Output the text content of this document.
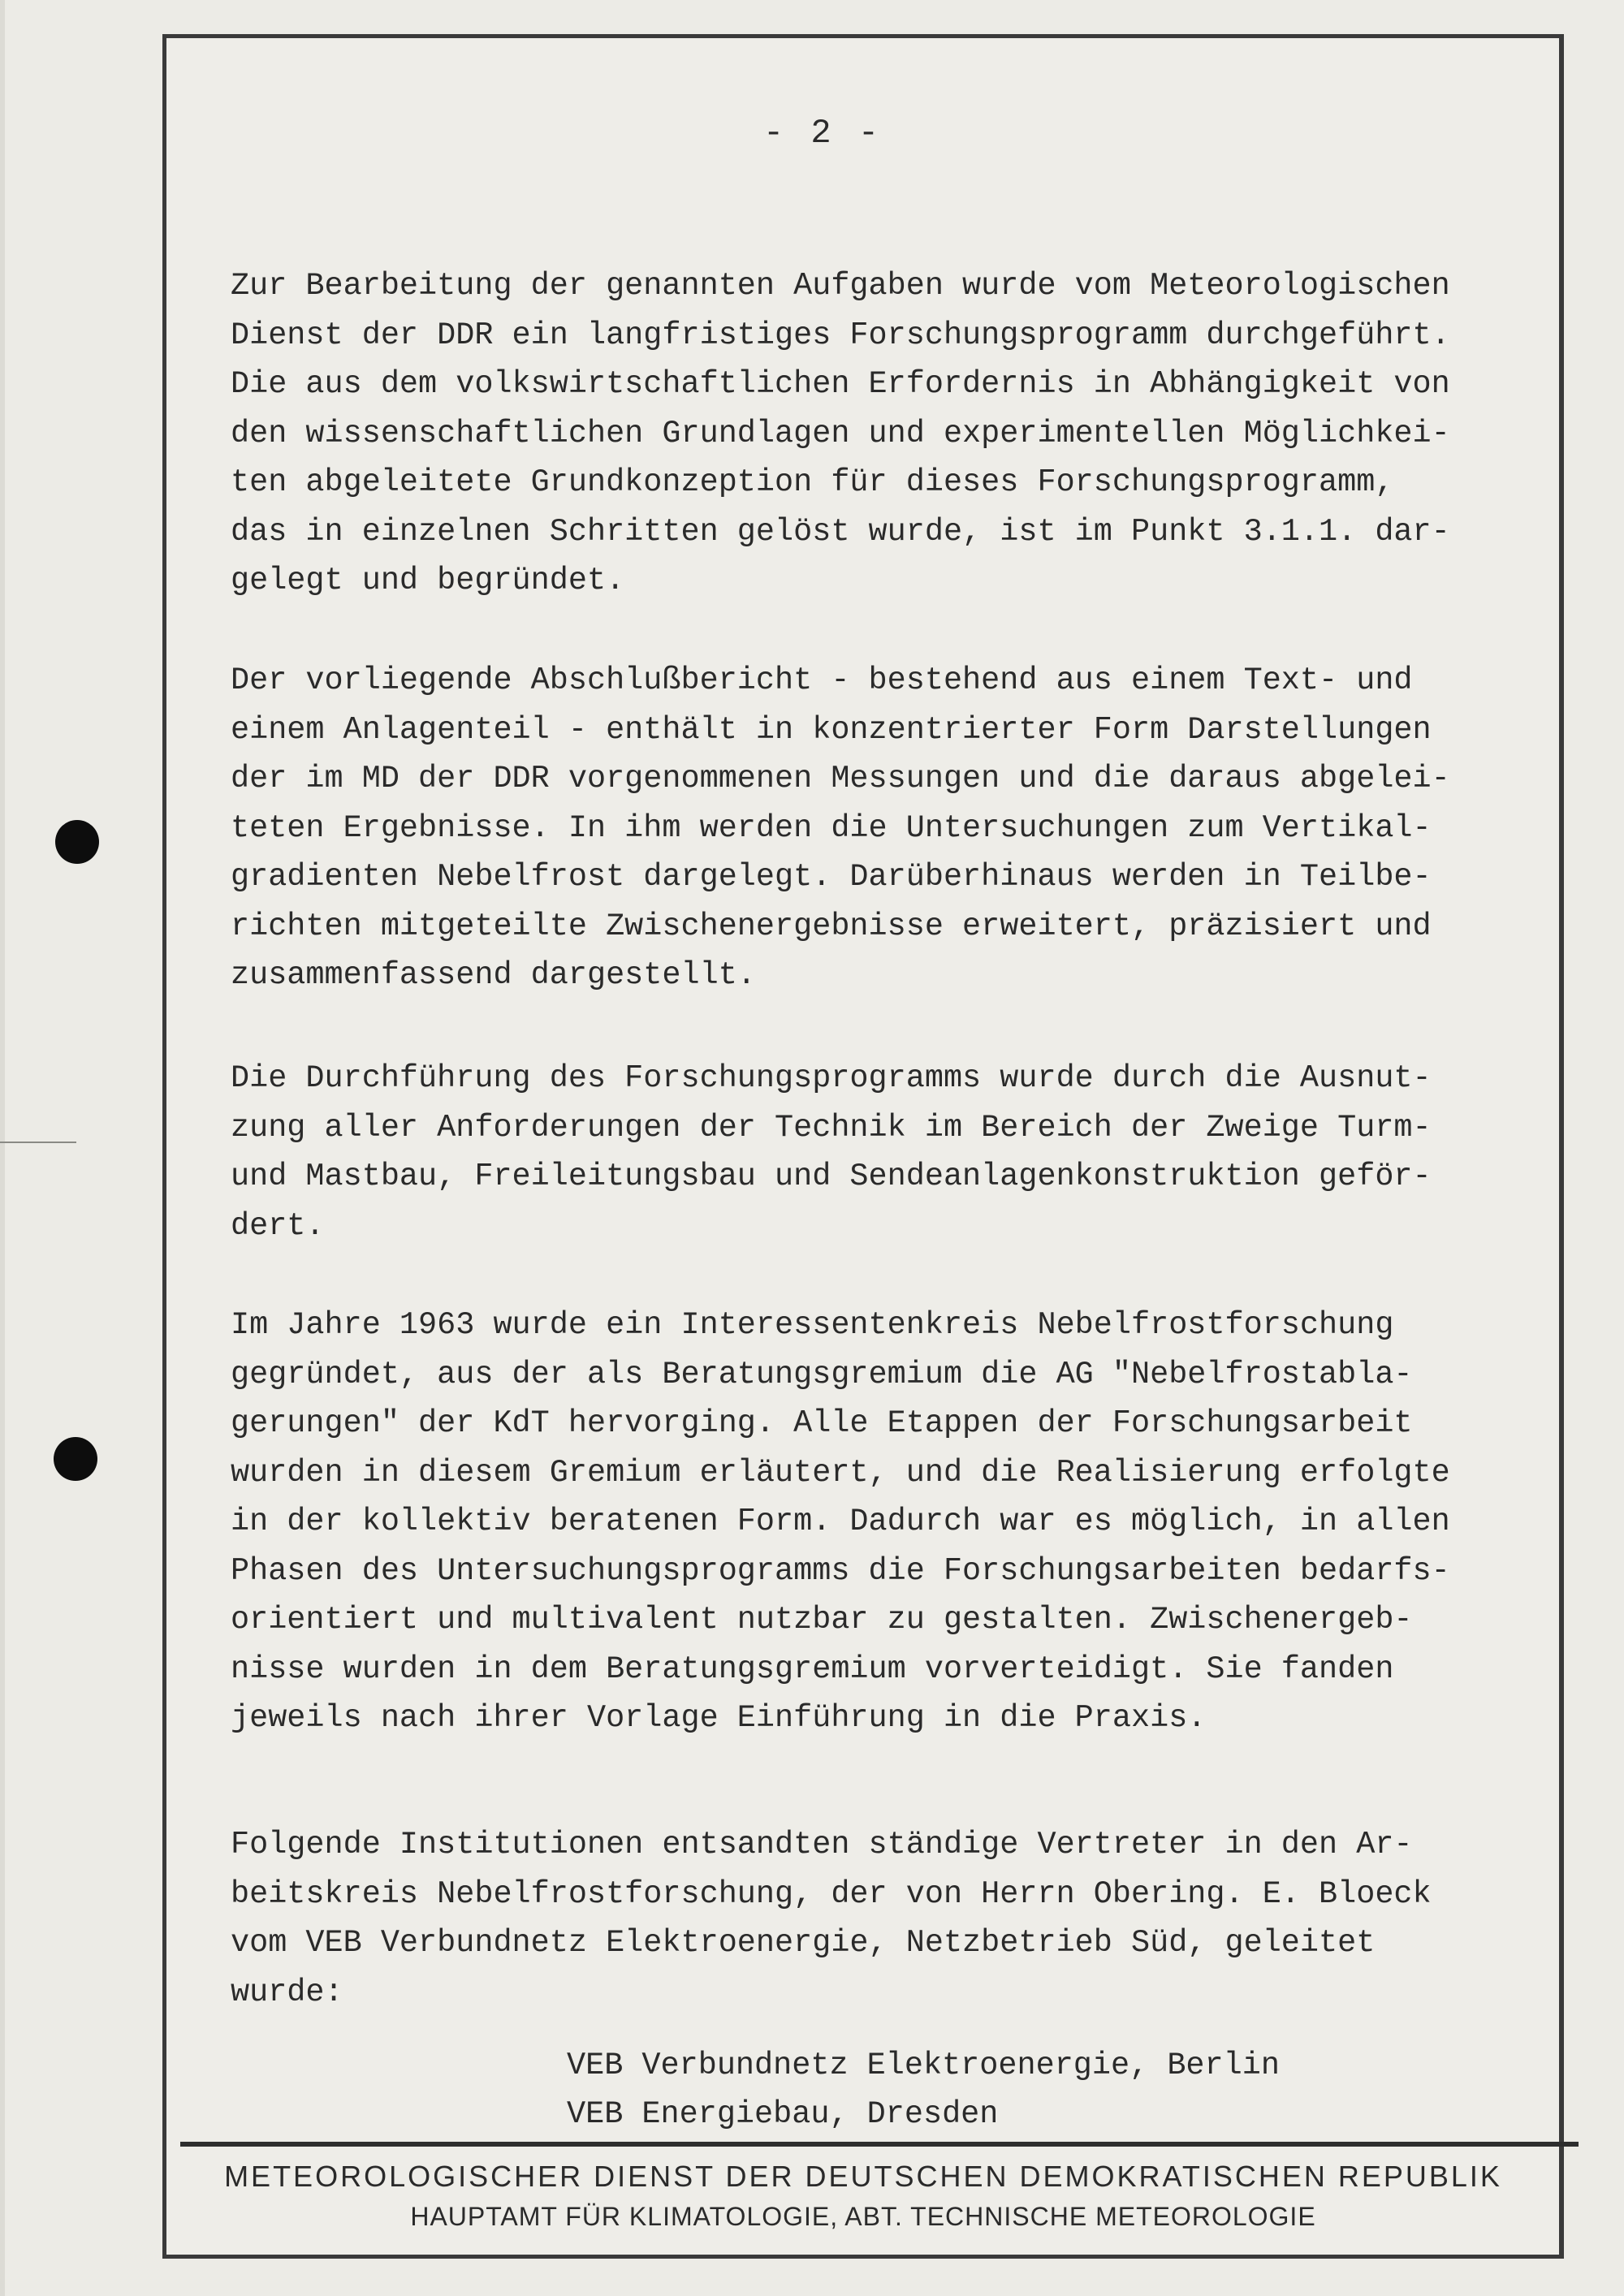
- 2 -

Zur Bearbeitung der genannten Aufgaben wurde vom Meteorologischen
Dienst der DDR ein langfristiges Forschungsprogramm durchgeführt.
Die aus dem volkswirtschaftlichen Erfordernis in Abhängigkeit von
den wissenschaftlichen Grundlagen und experimentellen Möglichkei-
ten abgeleitete Grundkonzeption für dieses Forschungsprogramm,
das in einzelnen Schritten gelöst wurde, ist im Punkt 3.1.1. dar-
gelegt und begründet.

Der vorliegende Abschlußbericht - bestehend aus einem Text- und
einem Anlagenteil - enthält in konzentrierter Form Darstellungen
der im MD der DDR vorgenommenen Messungen und die daraus abgelei-
teten Ergebnisse. In ihm werden die Untersuchungen zum Vertikal-
gradienten Nebelfrost dargelegt. Darüberhinaus werden in Teilbe-
richten mitgeteilte Zwischenergebnisse erweitert, präzisiert und
zusammenfassend dargestellt.

Die Durchführung des Forschungsprogramms wurde durch die Ausnut-
zung aller Anforderungen der Technik im Bereich der Zweige Turm-
und Mastbau, Freileitungsbau und Sendeanlagenkonstruktion geför-
dert.

Im Jahre 1963 wurde ein Interessentenkreis Nebelfrostforschung
gegründet, aus der als Beratungsgremium die AG "Nebelfrostabla-
gerungen" der KdT hervorging. Alle Etappen der Forschungsarbeit
wurden in diesem Gremium erläutert, und die Realisierung erfolgte
in der kollektiv beratenen Form. Dadurch war es möglich, in allen
Phasen des Untersuchungsprogramms die Forschungsarbeiten bedarfs-
orientiert und multivalent nutzbar zu gestalten. Zwischenergeb-
nisse wurden in dem Beratungsgremium vorverteidigt. Sie fanden
jeweils nach ihrer Vorlage Einführung in die Praxis.

Folgende Institutionen entsandten ständige Vertreter in den Ar-
beitskreis Nebelfrostforschung, der von Herrn Obering. E. Bloeck
vom VEB Verbundnetz Elektroenergie, Netzbetrieb Süd, geleitet
wurde:

VEB Verbundnetz Elektroenergie, Berlin
VEB Energiebau, Dresden
METEOROLOGISCHER DIENST DER DEUTSCHEN DEMOKRATISCHEN REPUBLIK
HAUPTAMT FÜR KLIMATOLOGIE, ABT. TECHNISCHE METEOROLOGIE
